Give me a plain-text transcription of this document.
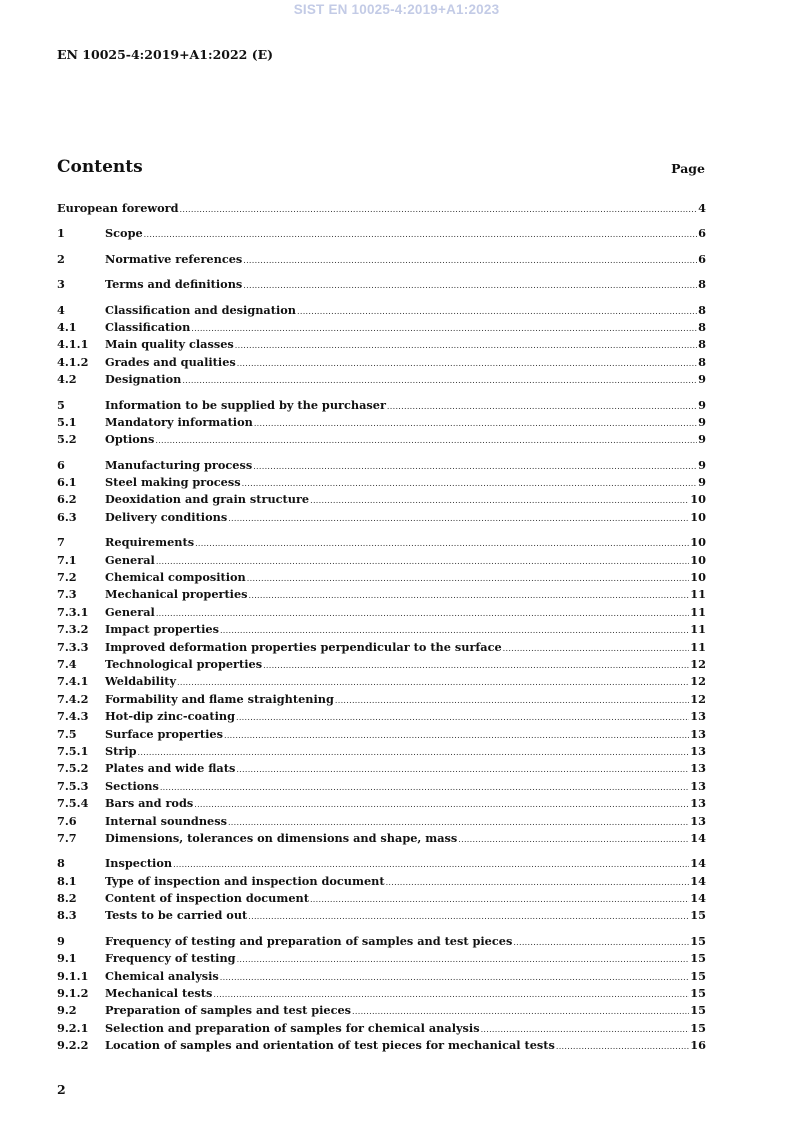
SIST EN 10025-4:2019+A1:2023
EN 10025-4:2019+A1:2022 (E)
Contents	Page
European foreword .....	4
1	Scope .....	6
2	Normative references .....	6
3	Terms and definitions .....	8
4	Classification and designation .....	8
4.1	Classification .....	8
4.1.1	Main quality classes .....	8
4.1.2	Grades and qualities .....	8
4.2	Designation .....	9
5	Information to be supplied by the purchaser .....	9
5.1	Mandatory information .....	9
5.2	Options .....	9
6	Manufacturing process .....	9
6.1	Steel making process .....	9
6.2	Deoxidation and grain structure .....	10
6.3	Delivery conditions .....	10
7	Requirements .....	10
7.1	General .....	10
7.2	Chemical composition .....	10
7.3	Mechanical properties .....	11
7.3.1	General .....	11
7.3.2	Impact properties .....	11
7.3.3	Improved deformation properties perpendicular to the surface .....	11
7.4	Technological properties .....	12
7.4.1	Weldability .....	12
7.4.2	Formability and flame straightening .....	12
7.4.3	Hot-dip zinc-coating .....	13
7.5	Surface properties .....	13
7.5.1	Strip .....	13
7.5.2	Plates and wide flats .....	13
7.5.3	Sections .....	13
7.5.4	Bars and rods .....	13
7.6	Internal soundness .....	13
7.7	Dimensions, tolerances on dimensions and shape, mass .....	14
8	Inspection .....	14
8.1	Type of inspection and inspection document .....	14
8.2	Content of inspection document .....	14
8.3	Tests to be carried out .....	15
9	Frequency of testing and preparation of samples and test pieces .....	15
9.1	Frequency of testing .....	15
9.1.1	Chemical analysis .....	15
9.1.2	Mechanical tests .....	15
9.2	Preparation of samples and test pieces .....	15
9.2.1	Selection and preparation of samples for chemical analysis .....	15
9.2.2	Location of samples and orientation of test pieces for mechanical tests .....	16
2
